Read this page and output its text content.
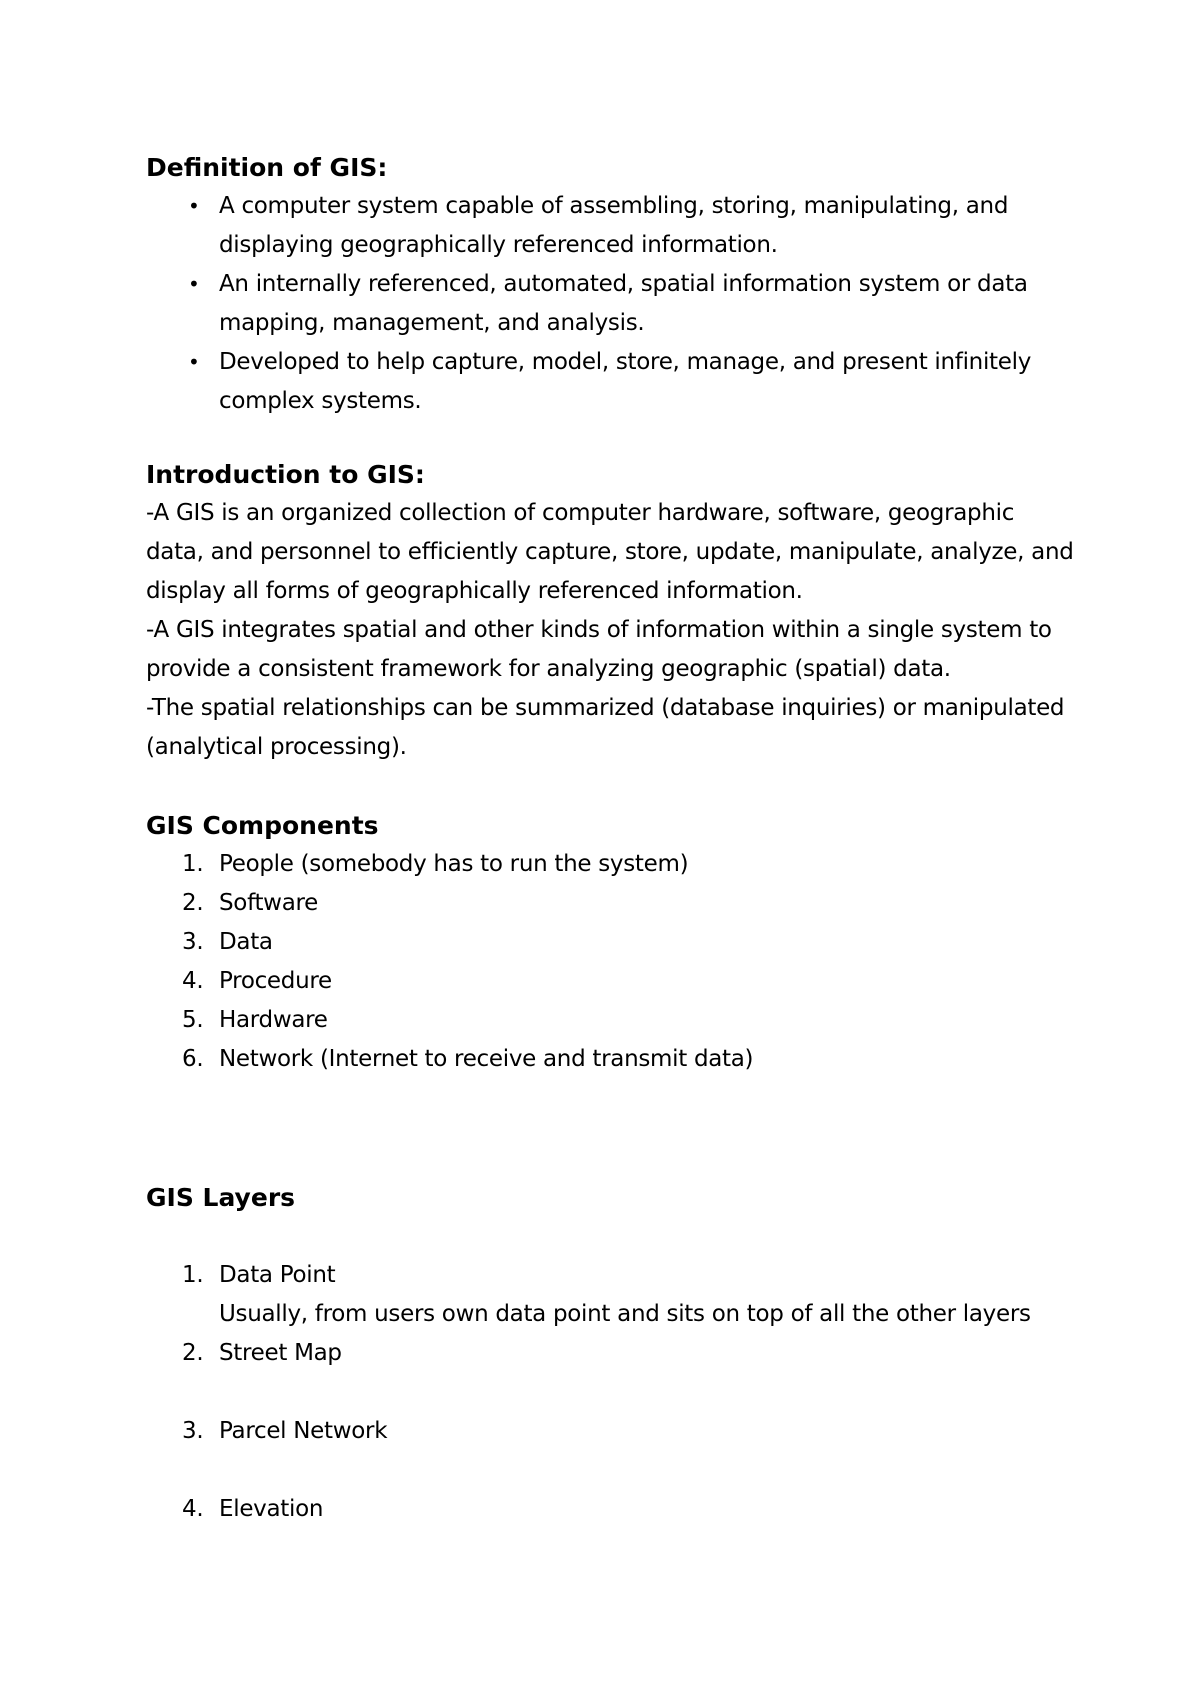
Definition of GIS:
• A computer system capable of assembling, storing, manipulating, and displaying geographically referenced information.
• An internally referenced, automated, spatial information system or data mapping, management, and analysis.
• Developed to help capture, model, store, manage, and present infinitely complex systems.
Introduction to GIS:

-A GIS is an organized collection of computer hardware, software, geographic data, and personnel to efficiently capture, store, update, manipulate, analyze, and display all forms of geographically referenced information.

-A GIS integrates spatial and other kinds of information within a single system to provide a consistent framework for analyzing geographic (spatial) data.

-The spatial relationships can be summarized (database inquiries) or manipulated (analytical processing).

GIS Components
1. People (somebody has to run the system)
2. Software
3. Data
4. Procedure
5. Hardware
6. Network (Internet to receive and transmit data)
GIS Layers
1. Data Point
Usually, from users own data point and sits on top of all the other layers
2. Street Map
3. Parcel Network
4. Elevation
